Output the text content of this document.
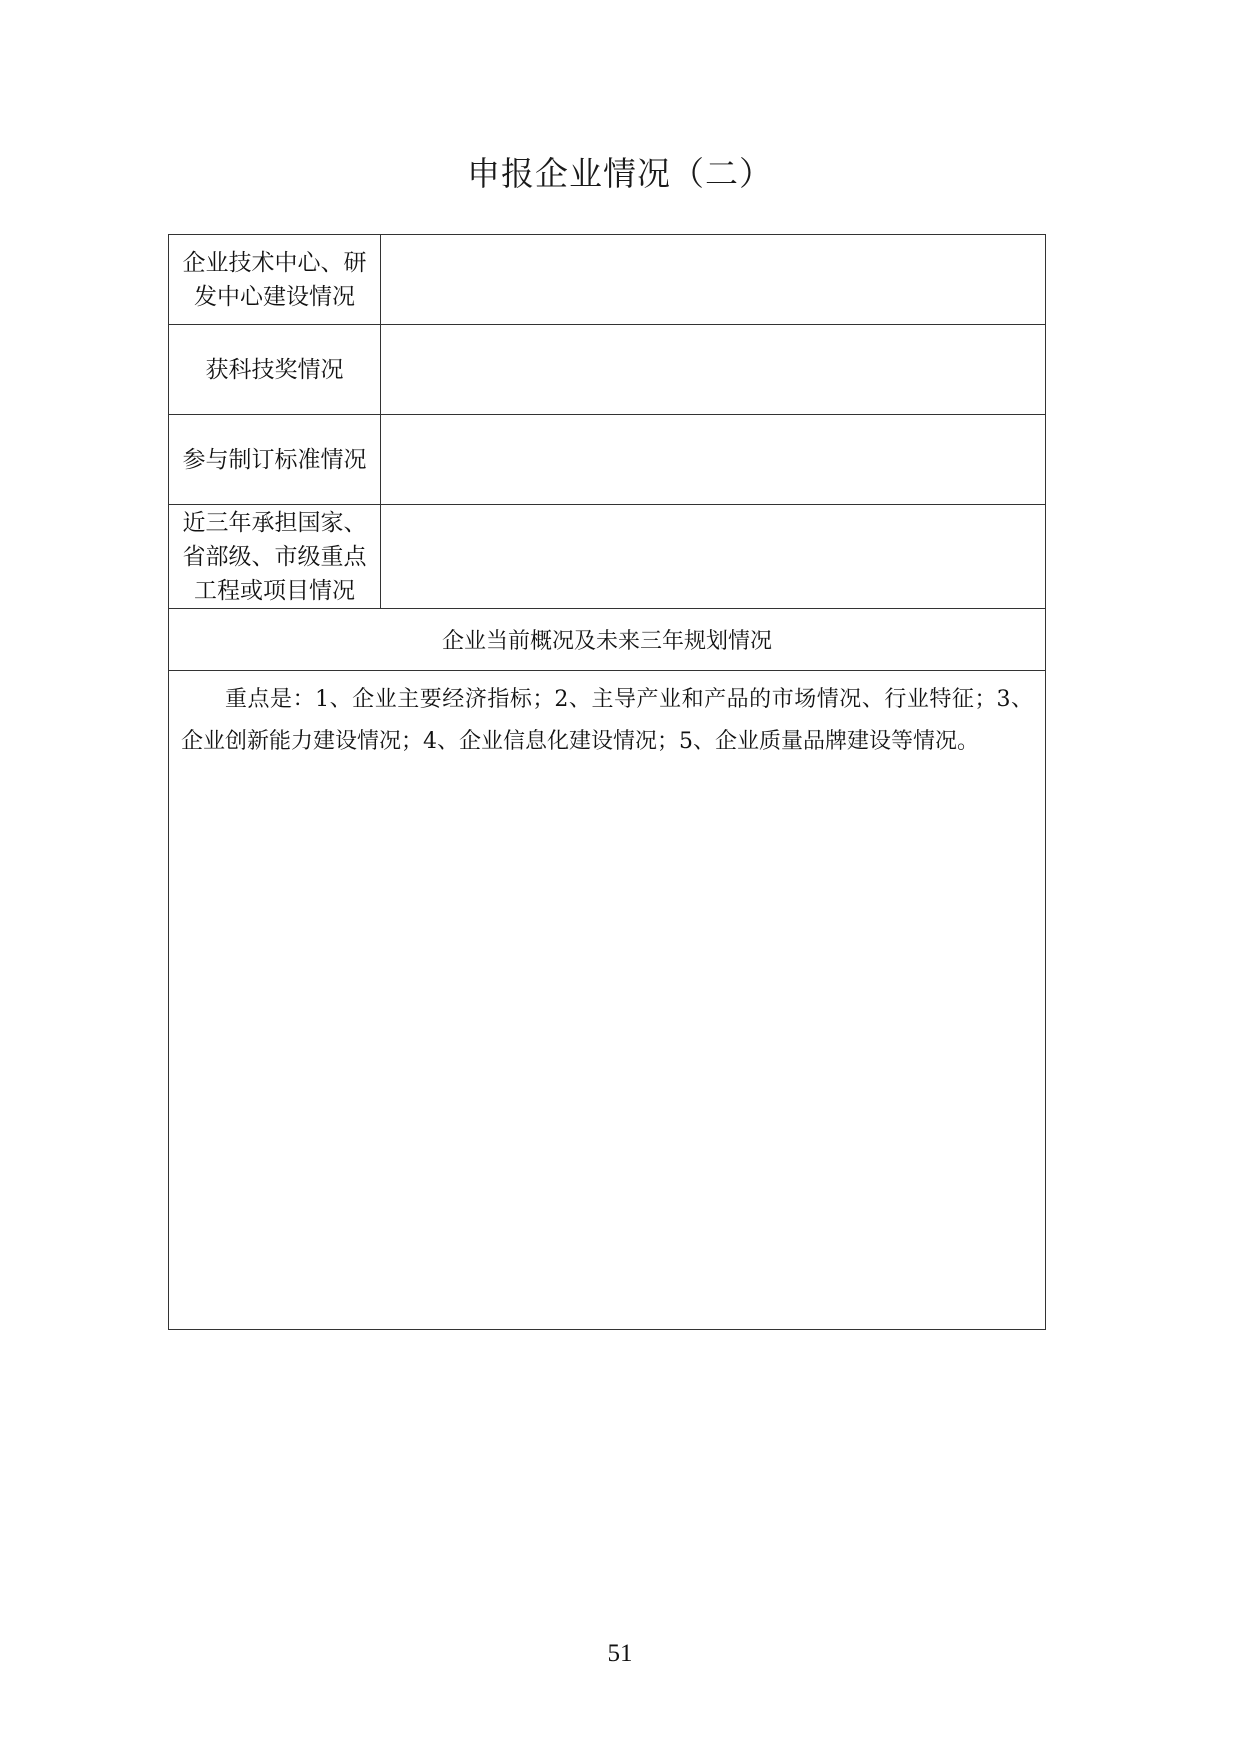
申报企业情况（二）
企业技术中心、研发中心建设情况	
获科技奖情况	
参与制订标准情况	
近三年承担国家、省部级、市级重点工程或项目情况	
企业当前概况及未来三年规划情况	

重点是：1、企业主要经济指标；2、主导产业和产品的市场情况、行业特征；3、企业创新能力建设情况；4、企业信息化建设情况；5、企业质量品牌建设等情况。	

51
